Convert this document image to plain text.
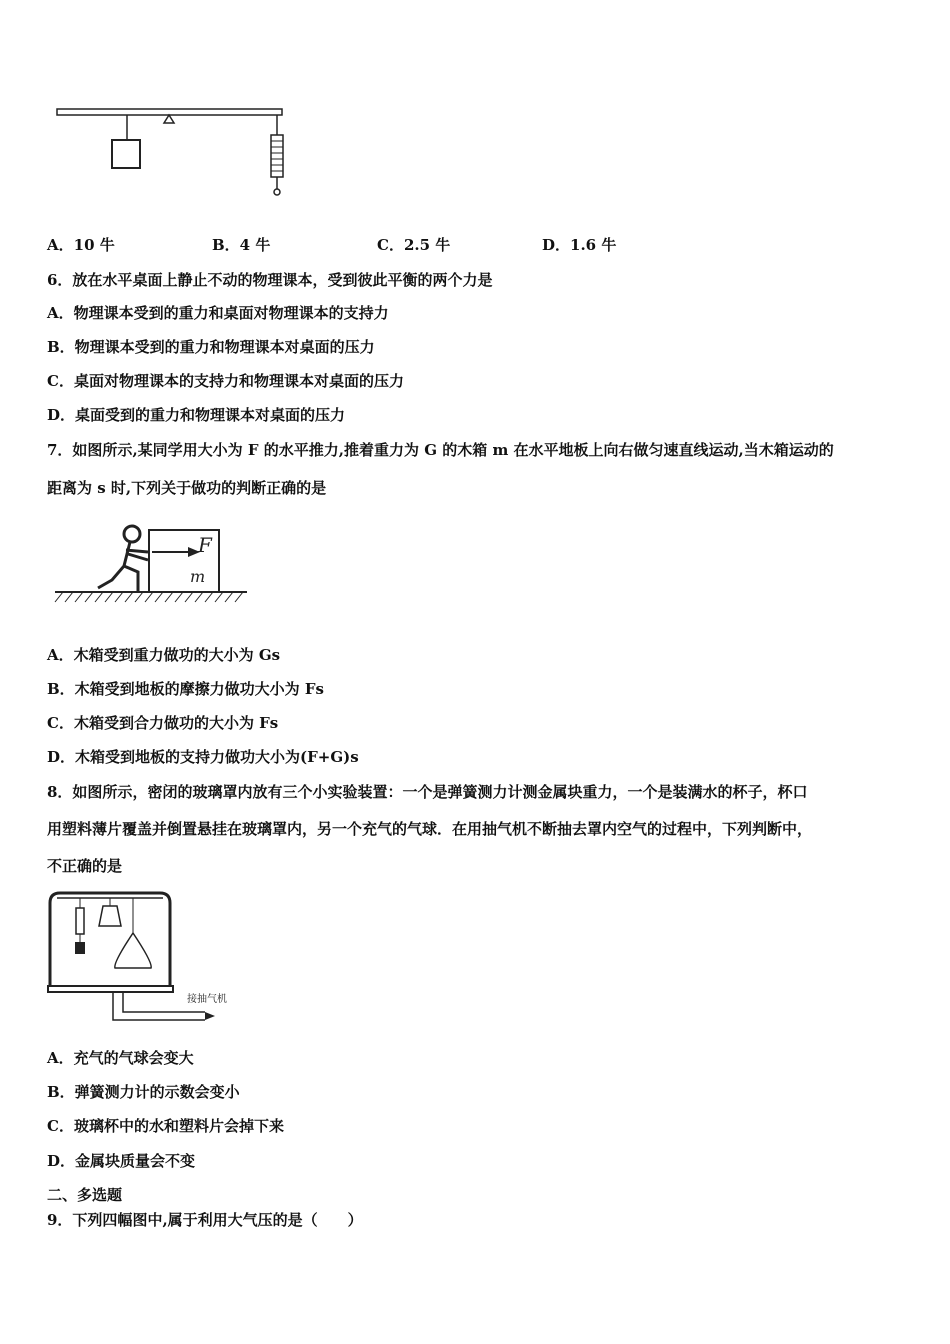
A．10 牛	B．4 牛	C．2.5 牛	D．1.6 牛
6．放在水平桌面上静止不动的物理课本，受到彼此平衡的两个力是
A．物理课本受到的重力和桌面对物理课本的支持力
B．物理课本受到的重力和物理课本对桌面的压力
C．桌面对物理课本的支持力和物理课本对桌面的压力
D．桌面受到的重力和物理课本对桌面的压力
7．如图所示,某同学用大小为 F 的水平推力,推着重力为 G 的木箱 m 在水平地板上向右做匀速直线运动,当木箱运动的
距离为 s 时,下列关于做功的判断正确的是
F
m
A．木箱受到重力做功的大小为 Gs
B．木箱受到地板的摩擦力做功大小为 Fs
C．木箱受到合力做功的大小为 Fs
D．木箱受到地板的支持力做功大小为(F+G)s
8．如图所示，密闭的玻璃罩内放有三个小实验装置：一个是弹簧测力计测金属块重力，一个是装满水的杯子，杯口
用塑料薄片覆盖并倒置悬挂在玻璃罩内，另一个充气的气球．在用抽气机不断抽去罩内空气的过程中，下列判断中，
不正确的是
接抽气机
A．充气的气球会变大
B．弹簧测力计的示数会变小
C．玻璃杯中的水和塑料片会掉下来
D．金属块质量会不变
二、多选题
9．下列四幅图中,属于利用大气压的是（　　）
